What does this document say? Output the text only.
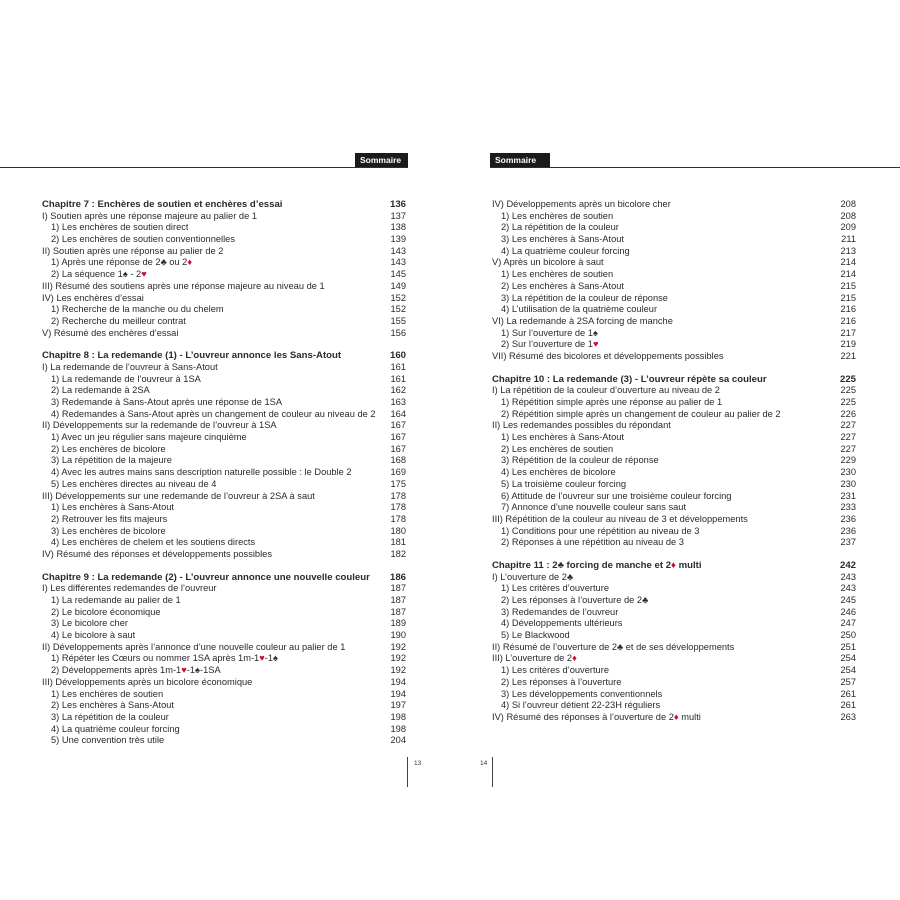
Sommaire	Sommaire
Chapitre 7 : Enchères de soutien et enchères d’essai	136
I) Soutien après une réponse majeure au palier de 1	137
1) Les enchères de soutien direct	138
2) Les enchères de soutien conventionnelles	139
II) Soutien après une réponse au palier de 2	143
1) Après une réponse de 2♣ ou 2♦	143
2) La séquence 1♠ - 2♥	145
III) Résumé des soutiens après une réponse majeure au niveau de 1	149
IV) Les enchères d’essai	152
1) Recherche de la manche ou du chelem	152
2) Recherche du meilleur contrat	155
V) Résumé des enchères d’essai	156
Chapitre 8 : La redemande (1) - L’ouvreur annonce les Sans-Atout	160
I) La redemande de l’ouvreur à Sans-Atout	161
1) La redemande de l’ouvreur à 1SA	161
2) La redemande à 2SA	162
3) Redemande à Sans-Atout après une réponse de 1SA	163
4) Redemandes à Sans-Atout après un changement de couleur au niveau de 2	164
II) Développements sur la redemande de l’ouvreur à 1SA	167
1) Avec un jeu régulier sans majeure cinquième	167
2) Les enchères de bicolore	167
3) La répétition de la majeure	168
4) Avec les autres mains sans description naturelle possible : le Double 2	169
5) Les enchères directes au niveau de 4	175
III) Développements sur une redemande de l’ouvreur à 2SA à saut	178
1) Les enchères à Sans-Atout	178
2) Retrouver les fits majeurs	178
3) Les enchères de bicolore	180
4) Les enchères de chelem et les soutiens directs	181
IV) Résumé des réponses et développements possibles	182
Chapitre 9 : La redemande (2) - L’ouvreur annonce une nouvelle couleur	186
I) Les différentes redemandes de l’ouvreur	187
1) La redemande au palier de 1	187
2) Le bicolore économique	187
3) Le bicolore cher	189
4) Le bicolore à saut	190
II) Développements après l’annonce d’une nouvelle couleur au palier de 1	192
1) Répéter les Cœurs ou nommer 1SA après 1m-1♥-1♠	192
2) Développements après 1m-1♥-1♠-1SA	192
III) Développements après un bicolore économique	194
1) Les enchères de soutien	194
2) Les enchères à Sans-Atout	197
3) La répétition de la couleur	198
4) La quatrième couleur forcing	198
5) Une convention très utile	204
IV) Développements après un bicolore cher	208
1) Les enchères de soutien	208
2) La répétition de la couleur	209
3) Les enchères à Sans-Atout	211
4) La quatrième couleur forcing	213
V) Après un bicolore à saut	214
1) Les enchères de soutien	214
2) Les enchères à Sans-Atout	215
3) La répétition de la couleur de réponse	215
4) L’utilisation de la quatrième couleur	216
VI) La redemande à 2SA forcing de manche	216
1) Sur l’ouverture de 1♠	217
2) Sur l’ouverture de 1♥	219
VII) Résumé des bicolores et développements possibles	221
Chapitre 10 : La redemande (3) - L’ouvreur répète sa couleur	225
I) La répétition de la couleur d’ouverture au niveau de 2	225
1) Répétition simple après une réponse au palier de 1	225
2) Répétition simple après un changement de couleur au palier de 2	226
II) Les redemandes possibles du répondant	227
1) Les enchères à Sans-Atout	227
2) Les enchères de soutien	227
3) Répétition de la couleur de réponse	229
4) Les enchères de bicolore	230
5) La troisième couleur forcing	230
6) Attitude de l’ouvreur sur une troisième couleur forcing	231
7) Annonce d’une nouvelle couleur sans saut	233
III) Répétition de la couleur au niveau de 3 et développements	236
1) Conditions pour une répétition au niveau de 3	236
2) Réponses à une répétition au niveau de 3	237
Chapitre 11 : 2♣ forcing de manche et 2♦ multi	242
I) L’ouverture de 2♣	243
1) Les critères d’ouverture	243
2) Les réponses à l’ouverture de 2♣	245
3) Redemandes de l’ouvreur	246
4) Développements ultérieurs	247
5) Le Blackwood	250
II) Résumé de l’ouverture de 2♣ et de ses développements	251
III) L’ouverture de 2♦	254
1) Les critères d’ouverture	254
2) Les réponses à l’ouverture	257
3) Les développements conventionnels	261
4) Si l’ouvreur détient 22-23H réguliers	261
IV) Résumé des réponses à l’ouverture de 2♦ multi	263
13	14
